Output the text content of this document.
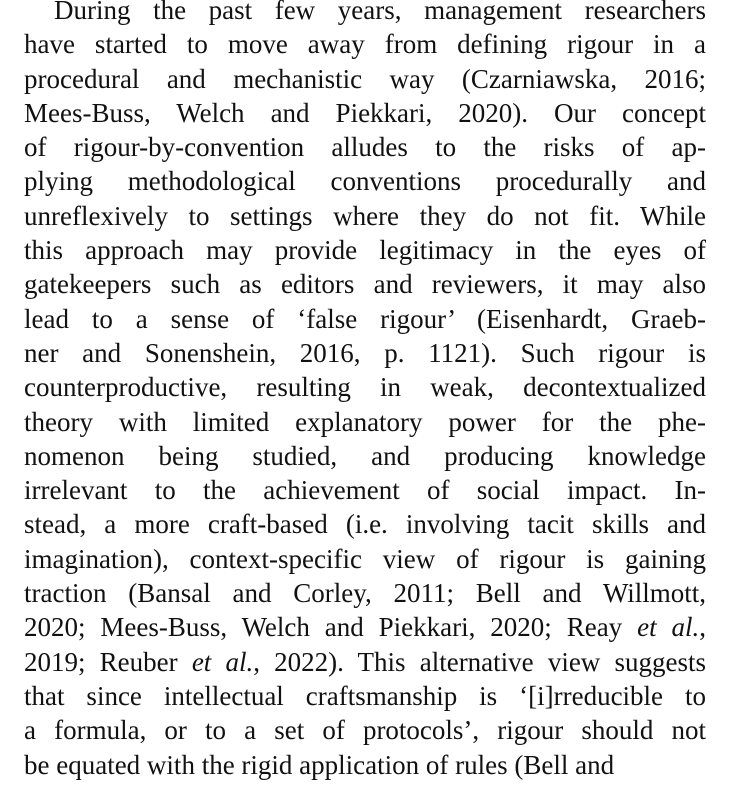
During the past few years, management researchers
have started to move away from defining rigour in a
procedural and mechanistic way (Czarniawska, 2016;
Mees-Buss, Welch and Piekkari, 2020). Our concept
of rigour-by-convention alludes to the risks of ap-
plying methodological conventions procedurally and
unreflexively to settings where they do not fit. While
this approach may provide legitimacy in the eyes of
gatekeepers such as editors and reviewers, it may also
lead to a sense of ‘false rigour’ (Eisenhardt, Graeb-
ner and Sonenshein, 2016, p. 1121). Such rigour is
counterproductive, resulting in weak, decontextualized
theory with limited explanatory power for the phe-
nomenon being studied, and producing knowledge
irrelevant to the achievement of social impact. In-
stead, a more craft-based (i.e. involving tacit skills and
imagination), context-specific view of rigour is gaining
traction (Bansal and Corley, 2011; Bell and Willmott,
2020; Mees-Buss, Welch and Piekkari, 2020; Reay et al.,
2019; Reuber et al., 2022). This alternative view suggests
that since intellectual craftsmanship is ‘[i]rreducible to
a formula, or to a set of protocols’, rigour should not
be equated with the rigid application of rules (Bell and
